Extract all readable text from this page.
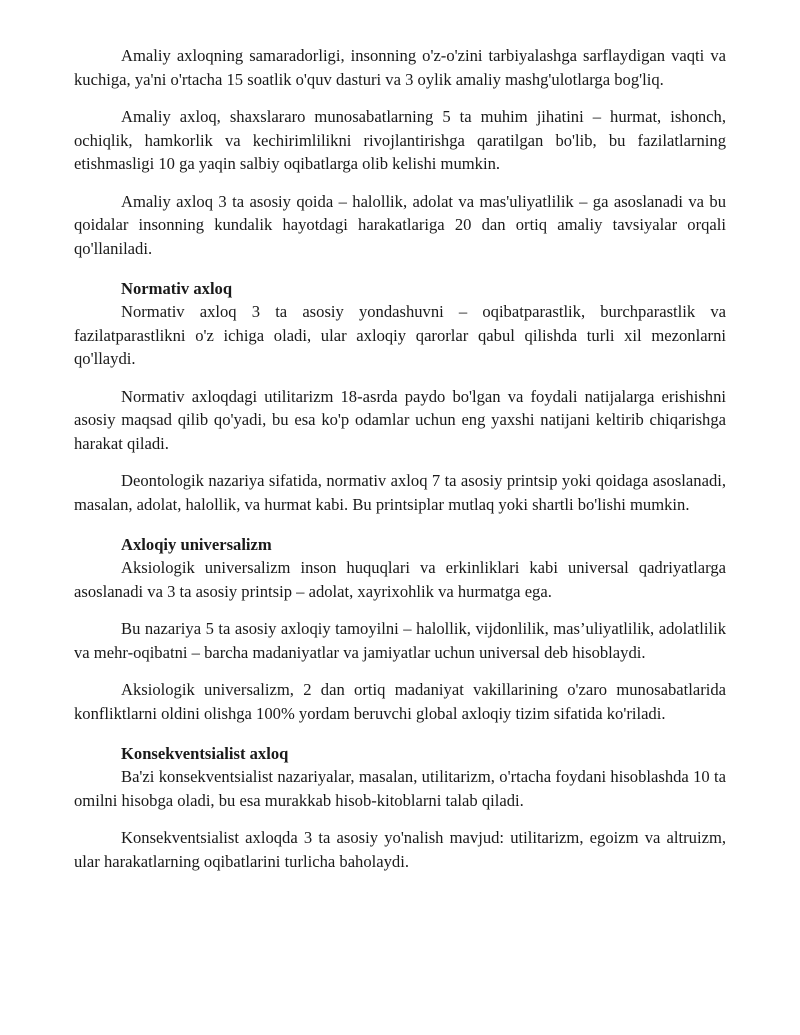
Amaliy axloqning samaradorligi, insonning o'z-o'zini tarbiyalashga sarflaydigan vaqti va kuchiga, ya'ni o'rtacha 15 soatlik o'quv dasturi va 3 oylik amaliy mashg'ulotlarga bog'liq.

Amaliy axloq, shaxslararo munosabatlarning 5 ta muhim jihatini – hurmat, ishonch, ochiqlik, hamkorlik va kechirimlilikni rivojlantirishga qaratilgan bo'lib, bu fazilatlarning etishmasligi 10 ga yaqin salbiy oqibatlarga olib kelishi mumkin.

Amaliy axloq 3 ta asosiy qoida – halollik, adolat va mas'uliyatlilik – ga asoslanadi va bu qoidalar insonning kundalik hayotdagi harakatlariga 20 dan ortiq amaliy tavsiyalar orqali qo'llaniladi.

Normativ axloq

Normativ axloq 3 ta asosiy yondashuvni – oqibatparastlik, burchparastlik va fazilatparastlikni o'z ichiga oladi, ular axloqiy qarorlar qabul qilishda turli xil mezonlarni qo'llaydi.

Normativ axloqdagi utilitarizm 18-asrda paydo bo'lgan va foydali natijalarga erishishni asosiy maqsad qilib qo'yadi, bu esa ko'p odamlar uchun eng yaxshi natijani keltirib chiqarishga harakat qiladi.

Deontologik nazariya sifatida, normativ axloq 7 ta asosiy printsip yoki qoidaga asoslanadi, masalan, adolat, halollik, va hurmat kabi. Bu printsiplar mutlaq yoki shartli bo'lishi mumkin.

Axloqiy universalizm

Aksiologik universalizm inson huquqlari va erkinliklari kabi universal qadriyatlarga asoslanadi va 3 ta asosiy printsip – adolat, xayrixohlik va hurmatga ega.

Bu nazariya 5 ta asosiy axloqiy tamoyilni – halollik, vijdonlilik, mas’uliyatlilik, adolatlilik va mehr-oqibatni – barcha madaniyatlar va jamiyatlar uchun universal deb hisoblaydi.

Aksiologik universalizm, 2 dan ortiq madaniyat vakillarining o'zaro munosabatlarida konfliktlarni oldini olishga 100% yordam beruvchi global axloqiy tizim sifatida ko'riladi.

Konsekventsialist axloq

Ba'zi konsekventsialist nazariyalar, masalan, utilitarizm, o'rtacha foydani hisoblashda 10 ta omilni hisobga oladi, bu esa murakkab hisob-kitoblarni talab qiladi.

Konsekventsialist axloqda 3 ta asosiy yo'nalish mavjud: utilitarizm, egoizm va altruizm, ular harakatlarning oqibatlarini turlicha baholaydi.
